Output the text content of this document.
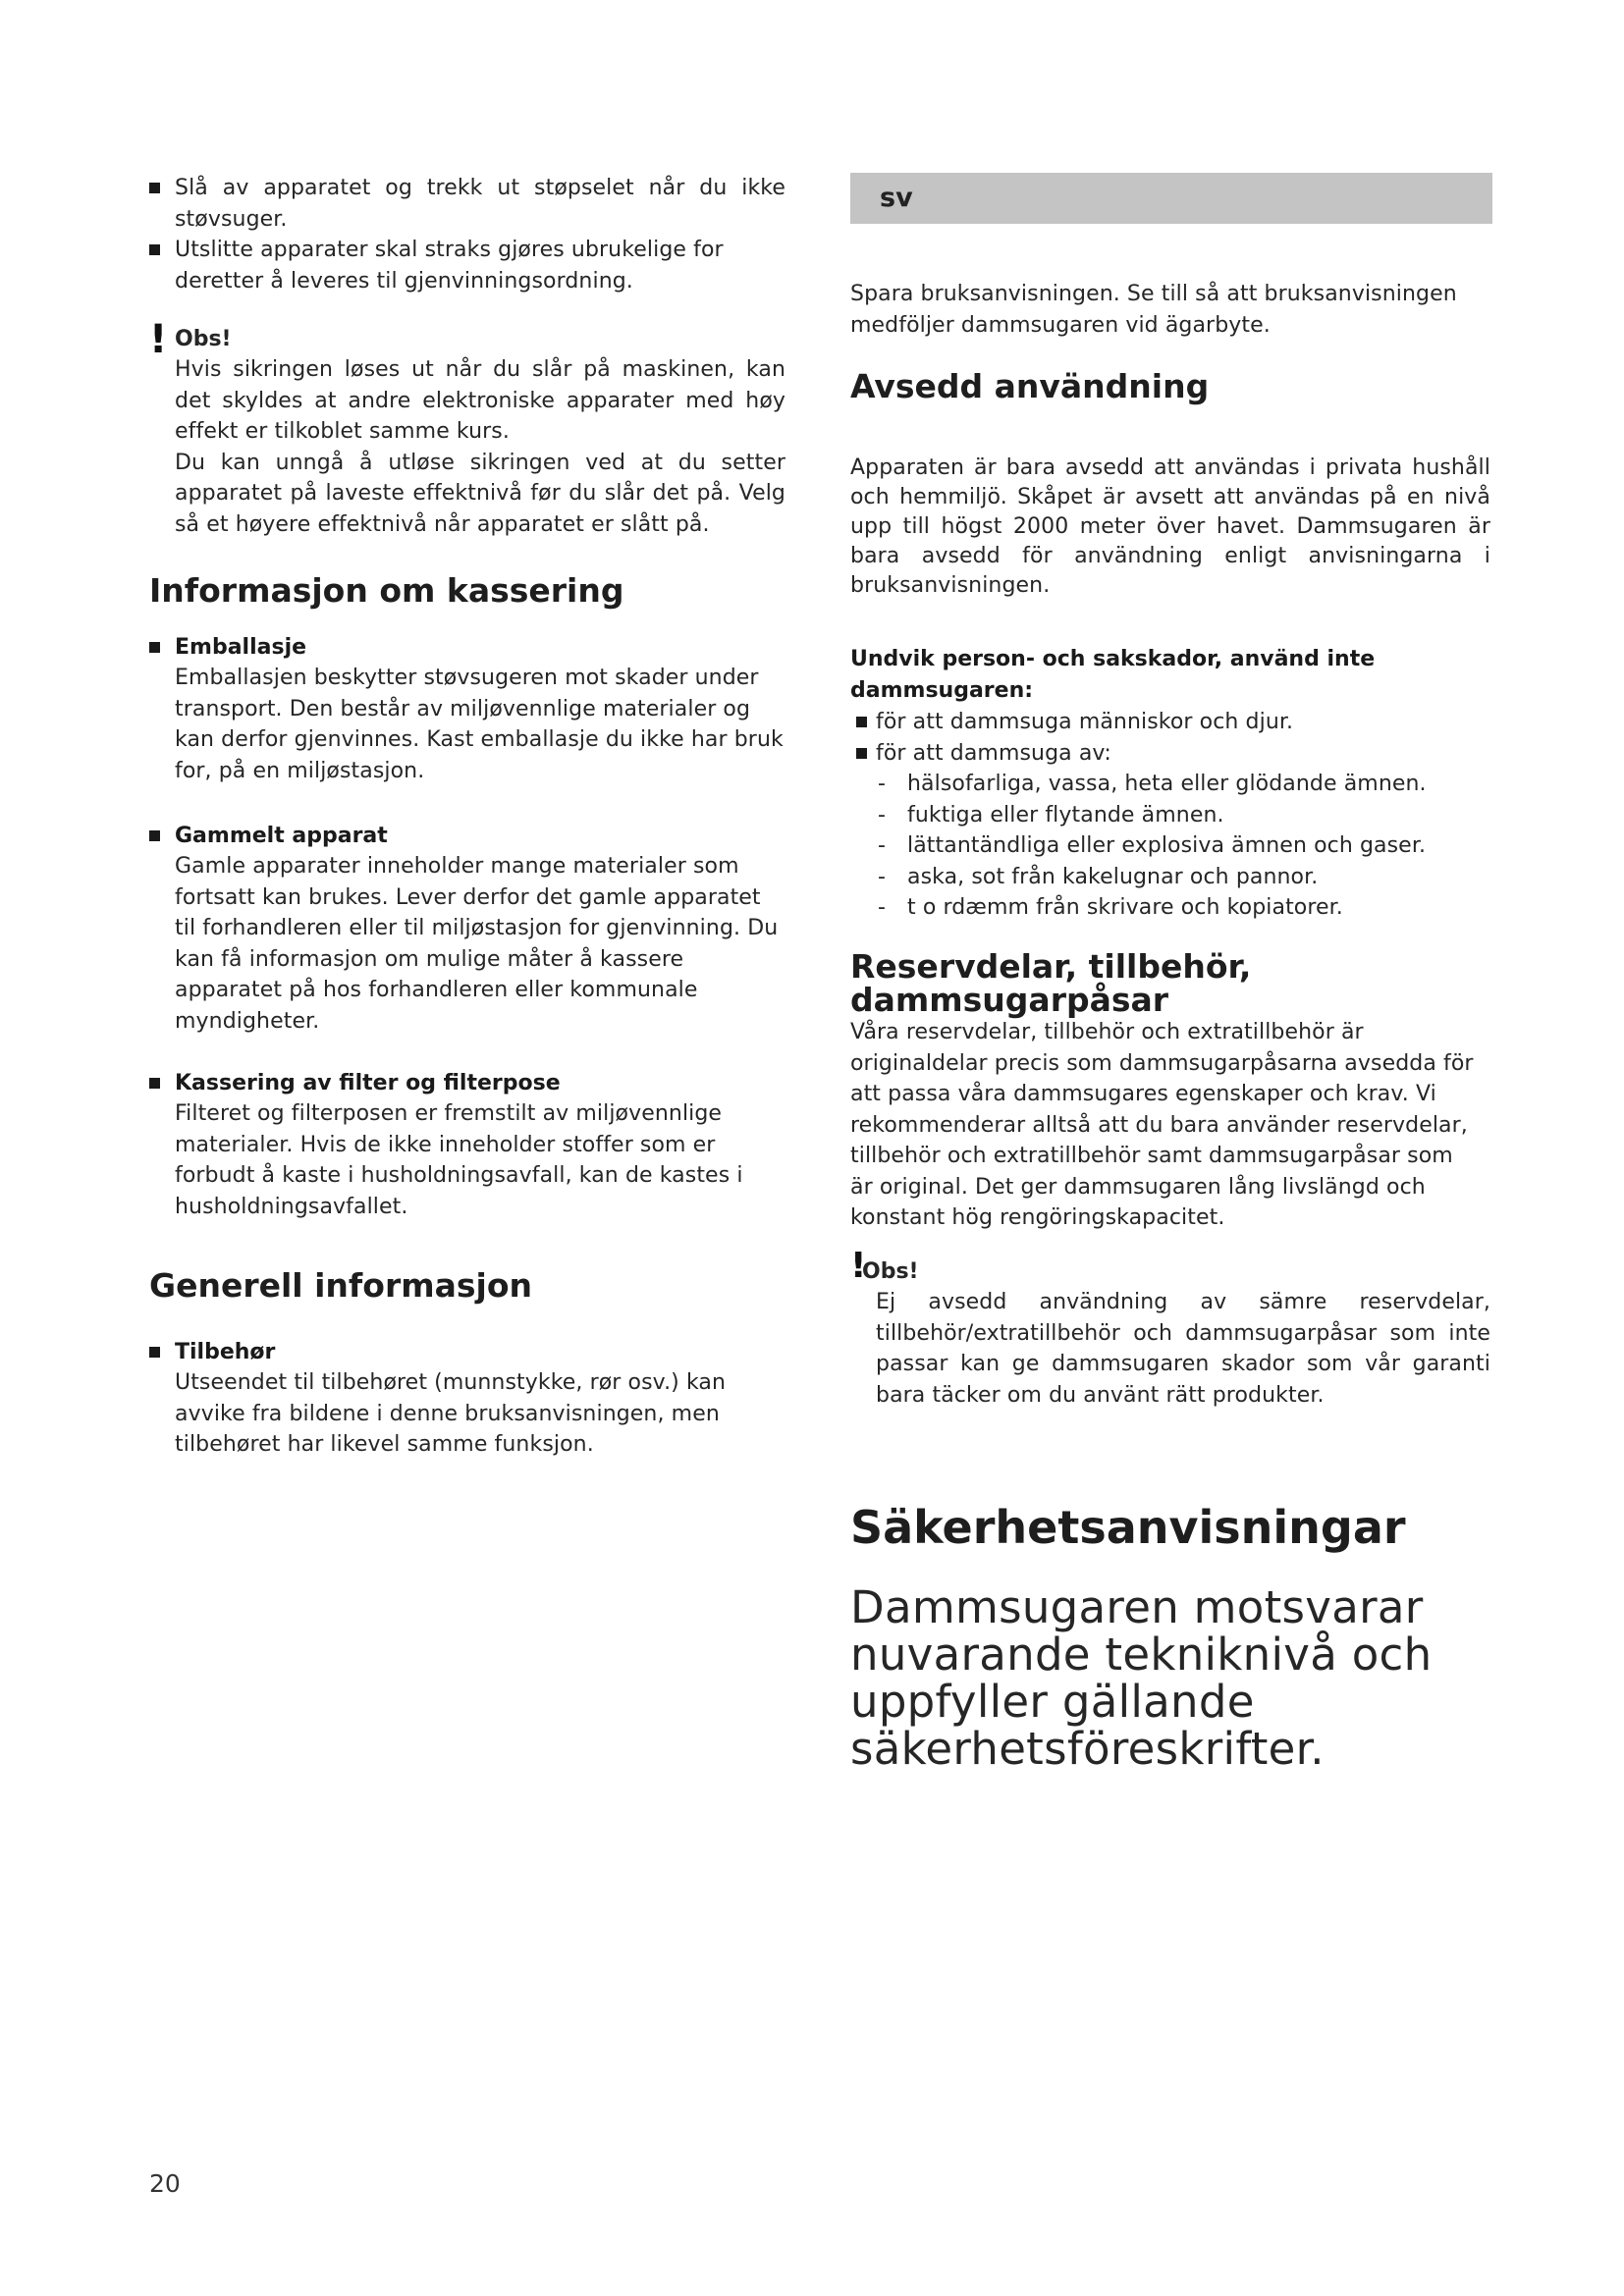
Slå av apparatet og trekk ut støpselet når du ikke støvsuger.
Utslitte apparater skal straks gjøres ubrukelige for deretter å leveres til gjenvinningsordning.
! Obs!

Hvis sikringen løses ut når du slår på maskinen, kan det skyldes at andre elektroniske apparater med høy effekt er tilkoblet samme kurs.

Du kan unngå å utløse sikringen ved at du setter apparatet på laveste effektnivå før du slår det på. Velg så et høyere effektnivå når apparatet er slått på.

Informasjon om kassering
Emballasje

Emballasjen beskytter støvsugeren mot skader under transport. Den består av miljøvennlige materialer og kan derfor gjenvinnes. Kast emballasje du ikke har bruk for, på en miljøstasjon.

Gammelt apparat

Gamle apparater inneholder mange materialer som fortsatt kan brukes. Lever derfor det gamle apparatet til forhandleren eller til miljøstasjon for gjenvinning. Du kan få informasjon om mulige måter å kassere apparatet på hos forhandleren eller kommunale myndigheter.

Kassering av filter og filterpose

Filteret og filterposen er fremstilt av miljøvennlige materialer. Hvis de ikke inneholder stoffer som er forbudt å kaste i husholdningsavfall, kan de kastes i husholdningsavfallet.

Generell informasjon
Tilbehør

Utseendet til tilbehøret (munnstykke, rør osv.) kan avvike fra bildene i denne bruksanvisningen, men tilbehøret har likevel samme funksjon.

sv

Spara bruksanvisningen. Se till så att bruksanvisningen medföljer dammsugaren vid ägarbyte.

Avsedd användning

Apparaten är bara avsedd att användas i privata hushåll och hemmiljö. Skåpet är avsett att användas på en nivå upp till högst 2000 meter över havet. Dammsugaren är bara avsedd för användning enligt anvisningarna i bruksanvisningen.

Undvik person- och sakskador, använd inte dammsugaren:
för att dammsuga människor och djur.
för att dammsuga av:
- hälsofarliga, vassa, heta eller glödande ämnen.
- fuktiga eller flytande ämnen.
- lättantändliga eller explosiva ämnen och gaser.
- aska, sot från kakelugnar och pannor.
- t o rdæmm från skrivare och kopiatorer.
Reservdelar, tillbehör, dammsugarpåsar

Våra reservdelar, tillbehör och extratillbehör är originaldelar precis som dammsugarpåsarna avsedda för att passa våra dammsugares egenskaper och krav. Vi rekommenderar alltså att du bara använder reservdelar, tillbehör och extratillbehör samt dammsugarpåsar som är original. Det ger dammsugaren lång livslängd och konstant hög rengöringskapacitet.

!
Obs!

Ej avsedd användning av sämre reservdelar, tillbehör/extratillbehör och dammsugarpåsar som inte passar kan ge dammsugaren skador som vår garanti bara täcker om du använt rätt produkter.

Säkerhetsanvisningar

Dammsugaren motsvarar nuvarande tekniknivå och uppfyller gällande säkerhetsföreskrifter.

20
